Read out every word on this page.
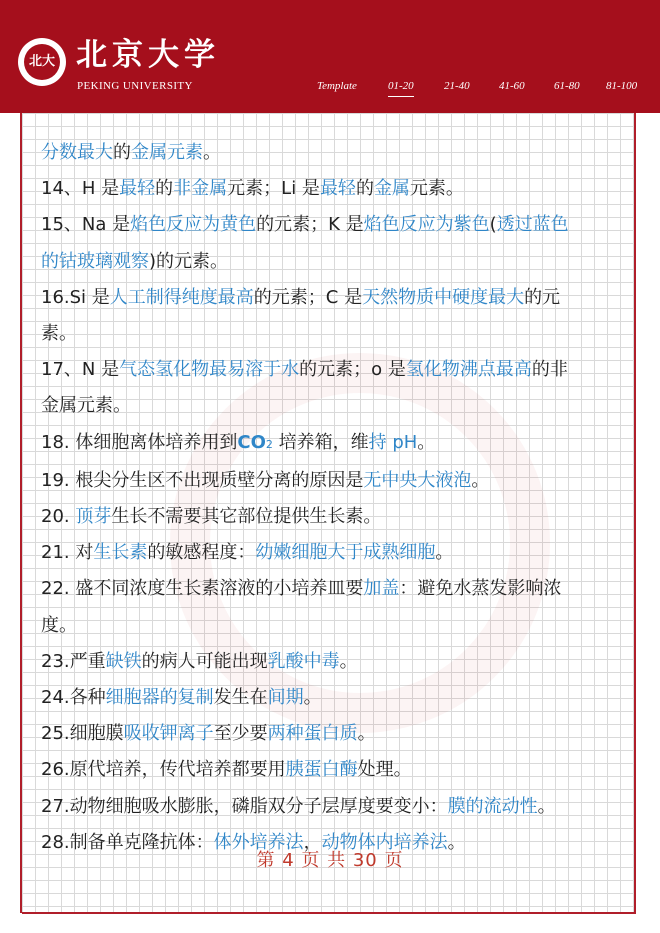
北大 北京大学
PEKING UNIVERSITY	Template	01-20	21-40	41-60	61-80 81-100
分数最大的金属元素。
14、H 是最轻的非金属元素；Li 是最轻的金属元素。
15、Na 是焰色反应为黄色的元素；K 是焰色反应为紫色(透过蓝色
的钴玻璃观察)的元素。
16.Si 是人工制得纯度最高的元素；C 是天然物质中硬度最大的元
素。
17、N 是气态氢化物最易溶于水的元素；o 是氢化物沸点最高的非
金属元素。
18. 体细胞离体培养用到CO2 培养箱，维持 pH。
19. 根尖分生区不出现质壁分离的原因是无中央大液泡。
20. 顶芽生长不需要其它部位提供生长素。
21. 对生长素的敏感程度：幼嫩细胞大于成熟细胞。
22. 盛不同浓度生长素溶液的小培养皿要加盖：避免水蒸发影响浓
度。
23.严重缺铁的病人可能出现乳酸中毒。
24.各种细胞器的复制发生在间期。
25.细胞膜吸收钾离子至少要两种蛋白质。
26.原代培养，传代培养都要用胰蛋白酶处理。
27.动物细胞吸水膨胀，磷脂双分子层厚度要变小：膜的流动性。
28.制备单克隆抗体：体外培养法，动物体内培养法。
第 4 页 共 30 页
